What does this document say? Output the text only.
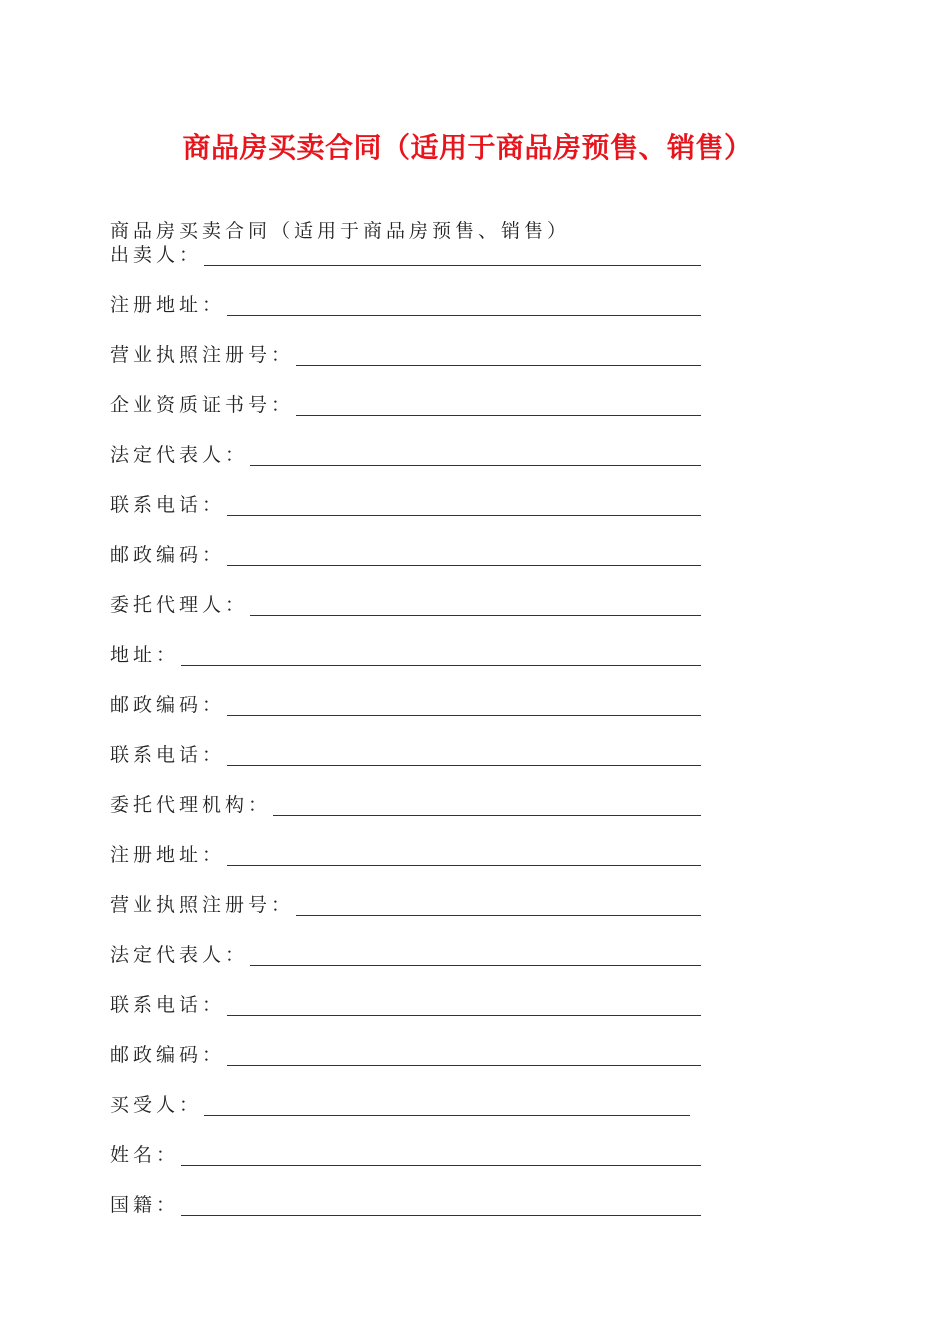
商品房买卖合同（适用于商品房预售、销售）
商品房买卖合同（适用于商品房预售、销售）
出卖人：
注册地址：
营业执照注册号：
企业资质证书号：
法定代表人：
联系电话：
邮政编码：
委托代理人：
地址：
邮政编码：
联系电话：
委托代理机构：
注册地址：
营业执照注册号：
法定代表人：
联系电话：
邮政编码：
买受人：
姓名：
国籍：
